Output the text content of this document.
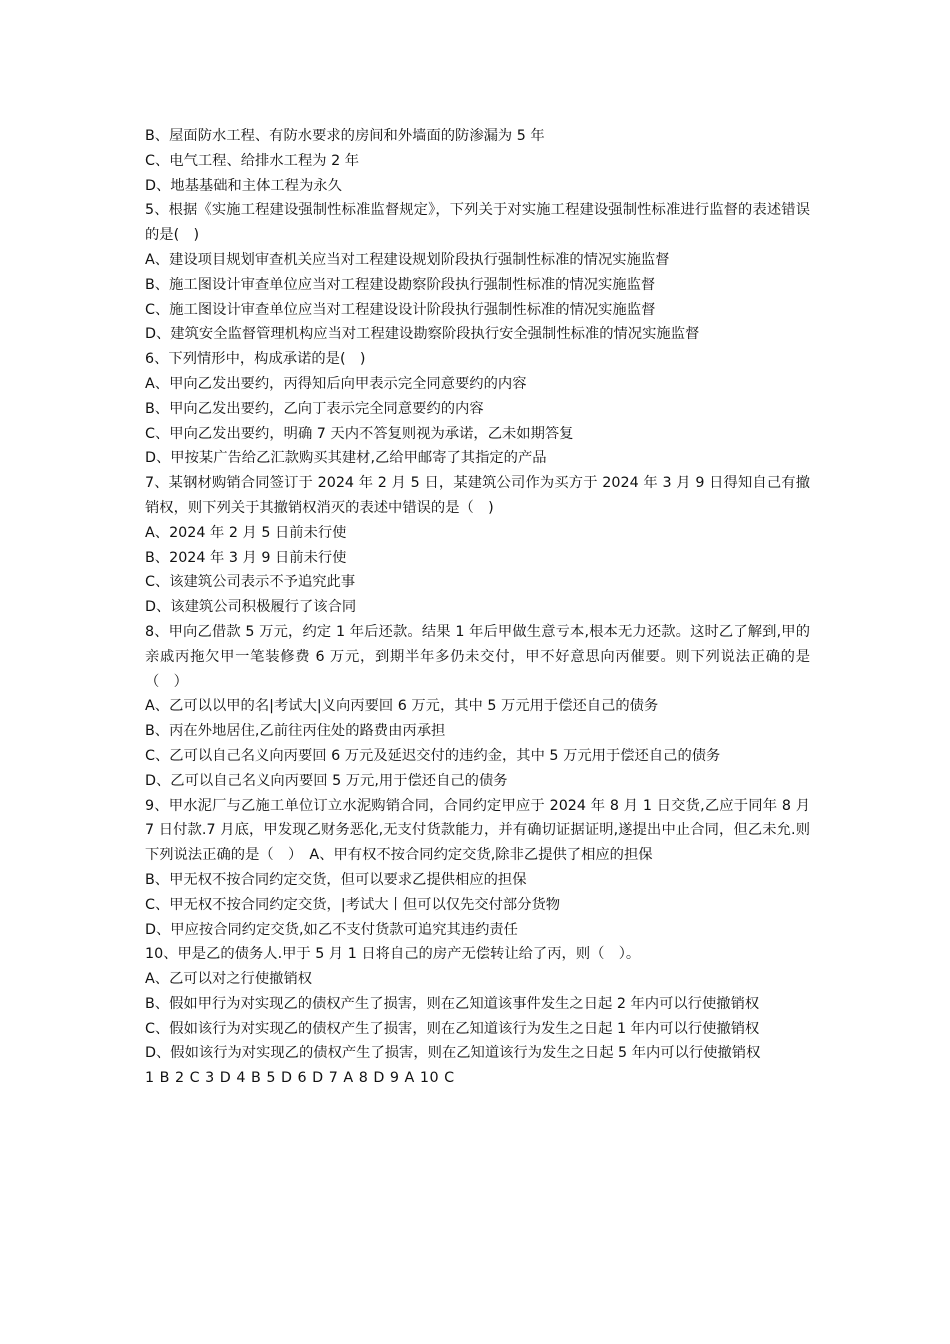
B、屋面防水工程、有防水要求的房间和外墙面的防渗漏为 5 年
C、电气工程、给排水工程为 2 年
D、地基基础和主体工程为永久
5、根据《实施工程建设强制性标准监督规定》，下列关于对实施工程建设强制性标准进行监督的表述错误的是(　)
A、建设项目规划审查机关应当对工程建设规划阶段执行强制性标准的情况实施监督
B、施工图设计审查单位应当对工程建设勘察阶段执行强制性标准的情况实施监督
C、施工图设计审查单位应当对工程建设设计阶段执行强制性标准的情况实施监督
D、建筑安全监督管理机构应当对工程建设勘察阶段执行安全强制性标准的情况实施监督
6、下列情形中，构成承诺的是(　)
A、甲向乙发出要约，丙得知后向甲表示完全同意要约的内容
B、甲向乙发出要约，乙向丁表示完全同意要约的内容
C、甲向乙发出要约，明确 7 天内不答复则视为承诺，乙未如期答复
D、甲按某广告给乙汇款购买其建材,乙给甲邮寄了其指定的产品
7、某钢材购销合同签订于 2024 年 2 月 5 日，某建筑公司作为买方于 2024 年 3 月 9 日得知自己有撤销权，则下列关于其撤销权消灭的表述中错误的是（　)
A、2024 年 2 月 5 日前未行使
B、2024 年 3 月 9 日前未行使
C、该建筑公司表示不予追究此事
D、该建筑公司积极履行了该合同
8、甲向乙借款 5 万元，约定 1 年后还款。结果 1 年后甲做生意亏本,根本无力还款。这时乙了解到,甲的亲戚丙拖欠甲一笔装修费 6 万元，到期半年多仍未交付，甲不好意思向丙催要。则下列说法正确的是（　）
A、乙可以以甲的名|考试大|义向丙要回 6 万元，其中 5 万元用于偿还自己的债务
B、丙在外地居住,乙前往丙住处的路费由丙承担
C、乙可以自己名义向丙要回 6 万元及延迟交付的违约金，其中 5 万元用于偿还自己的债务
D、乙可以自己名义向丙要回 5 万元,用于偿还自己的债务
9、甲水泥厂与乙施工单位订立水泥购销合同，合同约定甲应于 2024 年 8 月 1 日交货,乙应于同年 8 月 7 日付款.7 月底，甲发现乙财务恶化,无支付货款能力，并有确切证据证明,遂提出中止合同，但乙未允.则下列说法正确的是（　）　A、甲有权不按合同约定交货,除非乙提供了相应的担保
B、甲无权不按合同约定交货，但可以要求乙提供相应的担保
C、甲无权不按合同约定交货，|考试大丨但可以仅先交付部分货物
D、甲应按合同约定交货,如乙不支付货款可追究其违约责任
10、甲是乙的债务人.甲于 5 月 1 日将自己的房产无偿转让给了丙，则（　）。
A、乙可以对之行使撤销权
B、假如甲行为对实现乙的债权产生了损害，则在乙知道该事件发生之日起 2 年内可以行使撤销权
C、假如该行为对实现乙的债权产生了损害，则在乙知道该行为发生之日起 1 年内可以行使撤销权
D、假如该行为对实现乙的债权产生了损害，则在乙知道该行为发生之日起 5 年内可以行使撤销权
1 B 2 C 3 D 4 B 5 D 6 D 7 A 8 D 9 A 10 C
